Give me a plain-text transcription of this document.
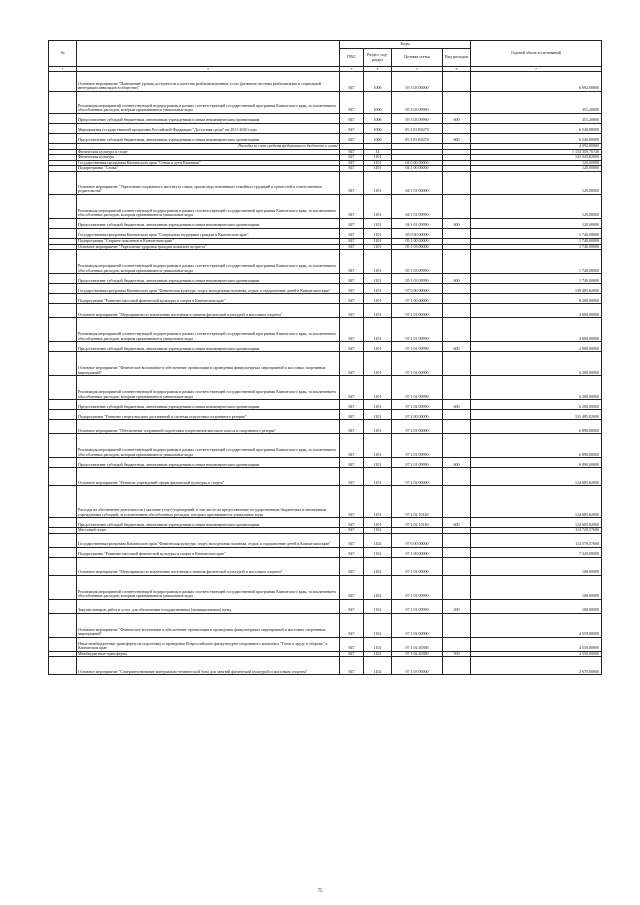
№		Коды				Годовой объем ассигнований
		ГРБС	Раздел, под-раздел	Целевая статья	Вид расходов	
1	2	3	4	5	6	7
	Основное мероприятие "Повышение уровня доступности и качества реабилитационных услуг (развитие системы реабилитации и социальной интеграции инвалидов в обществе)"	847	1006	05 3 03 00000		6 092,00000
	Реализация мероприятий соответствующей подпрограммы в рамках соответствующей государственной программы Камчатского края, за исключением обособленных расходов, которым присваиваются уникальные коды	847	1006	05 3 03 09990		351,20000
	Предоставление субсидий бюджетным, автономным учреждениям и иным некоммерческим организациям	847	1006	05 3 03 09990	600	351,20000
	Мероприятия государственной программы Российской Федерации "Доступная среда" на 2011-2020 годы	847	1006	05 3 03 R0270		6 540,80000
	Предоставление субсидий бюджетным, автономным учреждениям и иным некоммерческим организациям	847	1006	05 3 03 R0270	600	6 540,80000
	Расходы за счет средств федерального бюджета в сумме					4 092,00000
	Физическая культура и спорт	847	11			1 154 359,76746
	Физическая культура	847	1101			141 345,82000
	Государственная программа Камчатского края "Семья и дети Камчатки"	847	1101	04 0 00 00000		120,00000
	Подпрограмма "Семья"	847	1101	04 1 00 00000		120,00000
	Основное мероприятие "Укрепление социального института семьи, пропаганда позитивных семейных традиций и ценностей и ответственного родительства"	847	1101	04 1 01 00000		120,00000
	Реализация мероприятий соответствующей подпрограммы в рамках соответствующей государственной программы Камчатского края, за исключением обособленных расходов, которым присваиваются уникальные коды	847	1101	04 1 01 09990		120,00000
	Предоставление субсидий бюджетным, автономным учреждениям и иным некоммерческим организациям	847	1101	04 1 01 09990	600	120,00000
	Государственная программа Камчатского края "Социальная поддержка граждан в Камчатском крае"	847	1101	05 0 00 00000		1 740,00000
	Подпрограмма "Старшее поколение в Камчатском крае"	847	1101	05 1 00 00000		1 740,00000
	Основное мероприятие "Укрепление здоровья граждан пожилого возраста"	847	1101	05 1 03 00000		1 740,00000
	Реализация мероприятий соответствующей подпрограммы в рамках соответствующей государственной программы Камчатского края, за исключением обособленных расходов, которым присваиваются уникальные коды	847	1101	05 1 03 09990		1 740,00000
	Предоставление субсидий бюджетным, автономным учреждениям и иным некоммерческим организациям	847	1101	05 1 03 09990	600	1 740,00000
	Государственная программа Камчатского края "Физическая культура, спорт, молодежная политика, отдых и оздоровление детей в Камчатском крае"	847	1101	07 0 00 00000		139 485,82000
	Подпрограмма "Развитие массовой физической культуры и спорта в Камчатском крае"	847	1101	07 1 00 00000		8 200,00000
	Основное мероприятие "Мероприятия по вовлечению населения в занятия физической культурой и массовым спортом"	847	1101	07 1 01 00000		2 000,00000
	Реализация мероприятий соответствующей подпрограммы в рамках соответствующей государственной программы Камчатского края, за исключением обособленных расходов, которым присваиваются уникальные коды	847	1101	07 1 01 09990		2 000,00000
	Предоставление субсидий бюджетным, автономным учреждениям и иным некоммерческим организациям	847	1101	07 1 01 09990	600	2 000,00000
	Основное мероприятие "Физическое воспитание и обеспечение организации и проведения физкультурных мероприятий и массовых спортивных мероприятий"	847	1101	07 1 02 00000		6 200,00000
	Реализация мероприятий соответствующей подпрограммы в рамках соответствующей государственной программы Камчатского края, за исключением обособленных расходов, которым присваиваются уникальные коды	847	1101	07 1 02 09990		6 200,00000
	Предоставление субсидий бюджетным, автономным учреждениям и иным некоммерческим организациям	847	1101	07 1 02 09990	600	6 200,00000
	Подпрограмма "Развитие спорта высших достижений и системы подготовки спортивного резерва"	847	1101	07 2 00 00000		131 485,82000
	Основное мероприятие "Обеспечение спортивной подготовки спортсменов высокого класса и спортивного резерва"	847	1101	07 2 01 00000		6 890,00000
	Реализация мероприятий соответствующей подпрограммы в рамках соответствующей государственной программы Камчатского края, за исключением обособленных расходов, которым присваиваются уникальные коды	847	1101	07 2 01 09990		6 890,00000
	Предоставление субсидий бюджетным, автономным учреждениям и иным некоммерческим организациям	847	1101	07 2 01 09990	600	6 890,00000
	Основное мероприятие "Развитие учреждений сферы физической культуры и спорта"	847	1101	07 2 02 00000		124 685,82000
	Расходы на обеспечение деятельности (оказание услуг) учреждений, в том числе на предоставление государственным бюджетным и автономным учреждениям субсидий, за исключением обособленных расходов, которым присваиваются уникальные коды	847	1101	07 2 02 10140		124 685,82000
	Предоставление субсидий бюджетным, автономным учреждениям и иным некоммерческим организациям	847	1101	07 2 02 10140	600	124 685,82000
	Массовый спорт	847	1102			114 720,57600
	Государственная программа Камчатского края "Физическая культура, спорт, молодежная политика, отдых и оздоровление детей в Камчатском крае"	847	1102	07 0 00 00000		114 570,57600
	Подпрограмма "Развитие массовой физической культуры и спорта в Камчатском крае"	847	1102	07 1 00 00000		7 320,00000
	Основное мероприятие "Мероприятия по вовлечению населения в занятия физической культурой и массовым спортом"	847	1102	07 1 01 00000		100,00000
	Реализация мероприятий соответствующей подпрограммы в рамках соответствующей государственной программы Камчатского края, за исключением обособленных расходов, которым присваиваются уникальные коды	847	1102	07 1 01 09990		100,00000
	Закупка товаров, работ и услуг для обеспечения государственных (муниципальных) нужд	847	1102	07 1 01 09990	200	100,00000
	Основное мероприятие "Физическое воспитание и обеспечение организации и проведения физкультурных мероприятий и массовых спортивных мероприятий"	847	1102	07 1 02 00000		4 550,00000
	Иные межбюджетные трансферты на подготовку и проведение Всероссийского физкультурно-спортивного комплекса "Готов к труду и обороне" в Камчатском крае	847	1102	07 1 02 40380		4 550,00000
	Межбюджетные трансферты	847	1102	07 1 02 40380	500	4 550,00000
	Основное мероприятие "Совершенствование материально-технической базы для занятий физической культурой и массовым спортом"	847	1102	07 1 03 00000		2 670,00000
75
